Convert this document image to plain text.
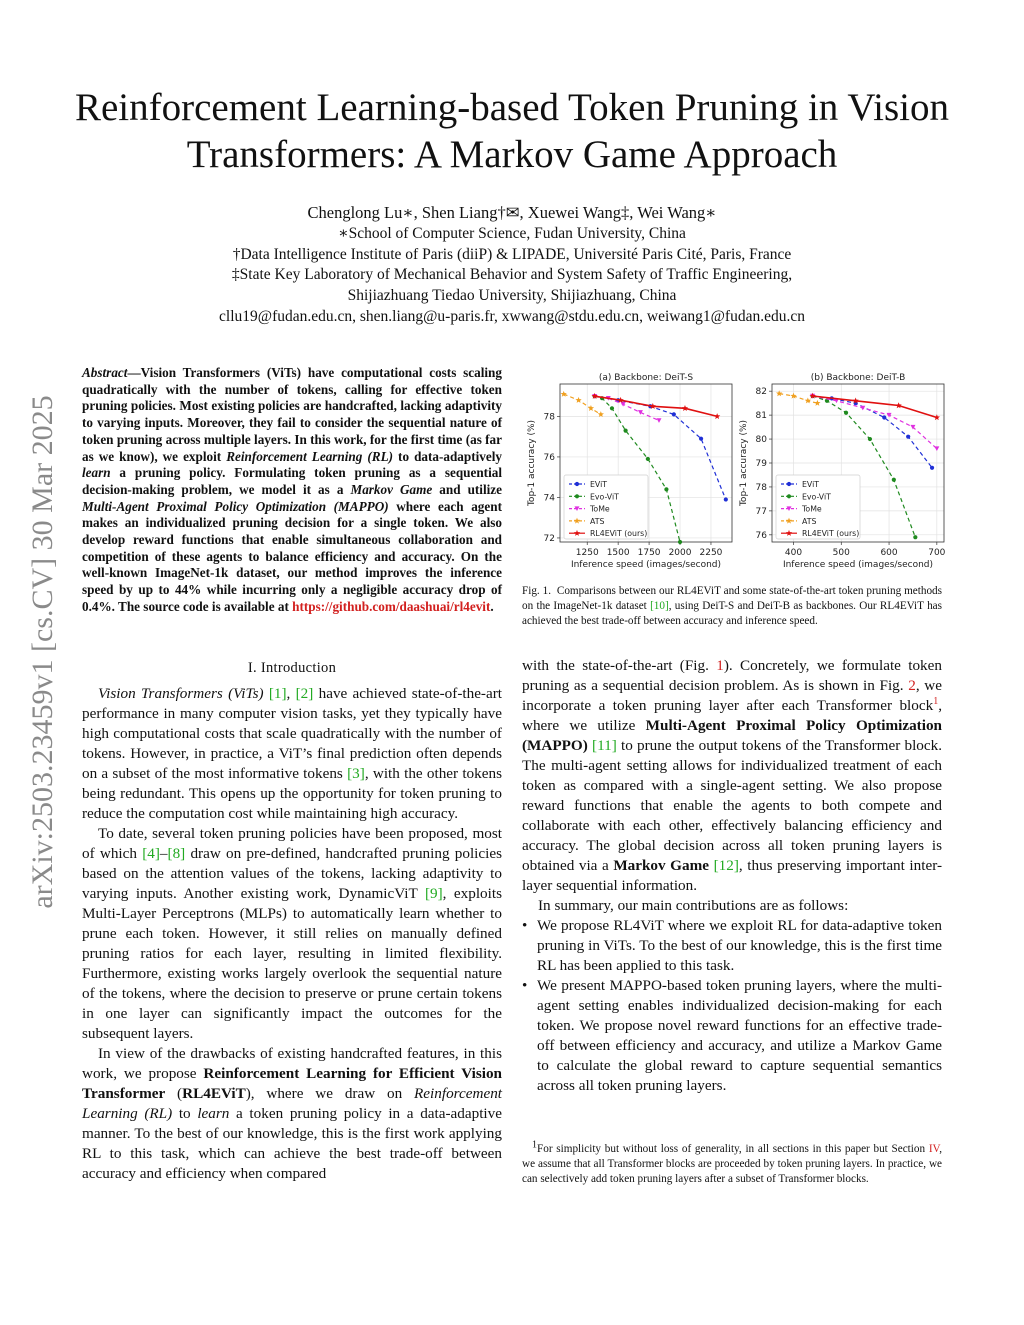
Reinforcement Learning-based Token Pruning in Vision Transformers: A Markov Game Approach
Chenglong Lu∗, Shen Liang†✉, Xuewei Wang‡, Wei Wang∗
∗School of Computer Science, Fudan University, China
†Data Intelligence Institute of Paris (diiP) & LIPADE, Université Paris Cité, Paris, France
‡State Key Laboratory of Mechanical Behavior and System Safety of Traffic Engineering,
Shijiazhuang Tiedao University, Shijiazhuang, China
cllu19@fudan.edu.cn, shen.liang@u-paris.fr, xwwang@stdu.edu.cn, weiwang1@fudan.edu.cn
arXiv:2503.23459v1 [cs.CV] 30 Mar 2025
Abstract—Vision Transformers (ViTs) have computational costs scaling quadratically with the number of tokens, calling for effective token pruning policies. Most existing policies are handcrafted, lacking adaptivity to varying inputs. Moreover, they fail to consider the sequential nature of token pruning across multiple layers. In this work, for the first time (as far as we know), we exploit Reinforcement Learning (RL) to data-adaptively learn a pruning policy. Formulating token pruning as a sequential decision-making problem, we model it as a Markov Game and utilize Multi-Agent Proximal Policy Optimization (MAPPO) where each agent makes an individualized pruning decision for a single token. We also develop reward functions that enable simultaneous collaboration and competition of these agents to balance efficiency and accuracy. On the well-known ImageNet-1k dataset, our method improves the inference speed by up to 44% while incurring only a negligible accuracy drop of 0.4%. The source code is available at https://github.com/daashuai/rl4evit.
I. Introduction

Vision Transformers (ViTs) [1], [2] have achieved state-of-the-art performance in many computer vision tasks, yet they typically have high computational costs that scale quadratically with the number of tokens. However, in practice, a ViT’s final prediction often depends on a subset of the most informative tokens [3], with the other tokens being redundant. This opens up the opportunity for token pruning to reduce the computation cost while maintaining high accuracy.

To date, several token pruning policies have been proposed, most of which [4]–[8] draw on pre-defined, handcrafted pruning policies based on the attention values of the tokens, lacking adaptivity to varying inputs. Another existing work, DynamicViT [9], exploits Multi-Layer Perceptrons (MLPs) to automatically learn whether to prune each token. However, it still relies on manually defined pruning ratios for each layer, resulting in limited flexibility. Furthermore, existing works largely overlook the sequential nature of the tokens, where the decision to preserve or prune certain tokens in one layer can significantly impact the outcomes for the subsequent layers.

In view of the drawbacks of existing handcrafted features, in this work, we propose Reinforcement Learning for Efficient Vision Transformer (RL4EViT), where we draw on Reinforcement Learning (RL) to learn a token pruning policy in a data-adaptive manner. To the best of our knowledge, this is the first work applying RL to this task, which can achieve the best trade-off between accuracy and efficiency when compared

1250 1500 1750 2000 2250
72
74
76
78
(a) Backbone: DeiT-S
Inference speed (images/second)
Top-1 accuracy (%)	EViT
Evo-ViT
ToMe
ATS
RL4EViT (ours)
400	500	600	700
76
77
78
79
80
81
82
(b) Backbone: DeiT-B
Inference speed (images/second)
Top-1 accuracy (%)	EViT
Evo-ViT
ToMe
ATS
RL4EViT (ours)
Fig. 1. Comparisons between our RL4EViT and some state-of-the-art token pruning methods on the ImageNet-1k dataset [10], using DeiT-S and DeiT-B as backbones. Our RL4EViT has achieved the best trade-off between accuracy and inference speed.

with the state-of-the-art (Fig. 1). Concretely, we formulate token pruning as a sequential decision problem. As is shown in Fig. 2, we incorporate a token pruning layer after each Transformer block$^1$, where we utilize Multi-Agent Proximal Policy Optimization (MAPPO) [11] to prune the output tokens of the Transformer block. The multi-agent setting allows for individualized treatment of each token as compared with a single-agent setting. We also propose reward functions that enable the agents to both compete and collaborate with each other, effectively balancing efficiency and accuracy. The global decision across all token pruning layers is obtained via a Markov Game [12], thus preserving important inter-layer sequential information.

In summary, our main contributions are as follows:

• We propose RL4ViT where we exploit RL for data-adaptive token pruning in ViTs. To the best of our knowledge, this is the first time RL has been applied to this task.
• We present MAPPO-based token pruning layers, where the multi-agent setting enables individualized decision-making for each token. We propose novel reward functions for an effective trade-off between efficiency and accuracy, and utilize a Markov Game to calculate the global reward to capture sequential semantics across all token pruning layers.

$^1$For simplicity but without loss of generality, in all sections in this paper but Section IV, we assume that all Transformer blocks are proceeded by token pruning layers. In practice, we can selectively add token pruning layers after a subset of Transformer blocks.
